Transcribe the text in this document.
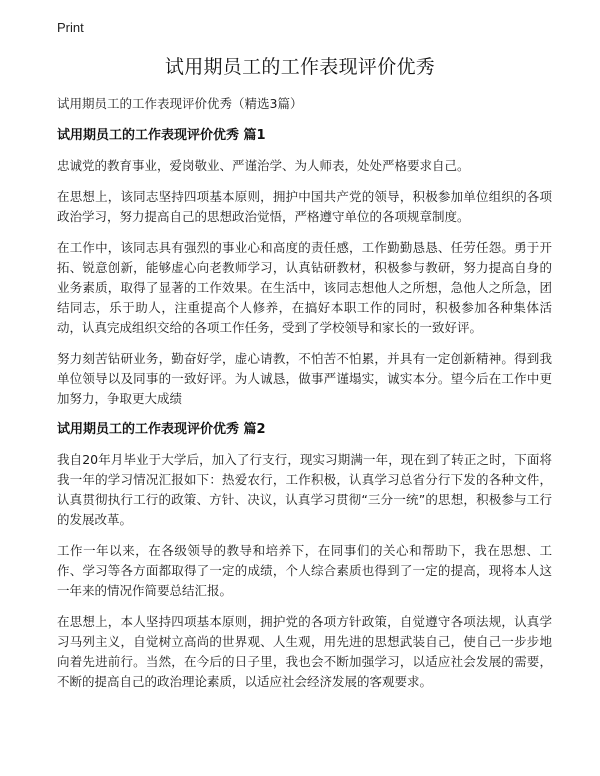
Print
试用期员工的工作表现评价优秀

试用期员工的工作表现评价优秀（精选3篇）

试用期员工的工作表现评价优秀 篇1

忠诚党的教育事业，爱岗敬业、严谨治学、为人师表，处处严格要求自己。

在思想上，该同志坚持四项基本原则，拥护中国共产党的领导，积极参加单位组织的各项政治学习，努力提高自己的思想政治觉悟，严格遵守单位的各项规章制度。

在工作中，该同志具有强烈的事业心和高度的责任感，工作勤勤恳恳、任劳任怨。勇于开拓、锐意创新，能够虚心向老教师学习，认真钻研教材，积极参与教研，努力提高自身的业务素质，取得了显著的工作效果。在生活中，该同志想他人之所想，急他人之所急，团结同志，乐于助人，注重提高个人修养，在搞好本职工作的同时，积极参加各种集体活动，认真完成组织交给的各项工作任务，受到了学校领导和家长的一致好评。

努力刻苦钻研业务，勤奋好学，虚心请教，不怕苦不怕累，并具有一定创新精神。得到我单位领导以及同事的一致好评。为人诚恳，做事严谨塌实，诚实本分。望今后在工作中更加努力，争取更大成绩

试用期员工的工作表现评价优秀 篇2

我自20年月毕业于大学后，加入了行支行，现实习期满一年，现在到了转正之时，下面将我一年的学习情况汇报如下：热爱农行，工作积极，认真学习总省分行下发的各种文件，认真贯彻执行工行的政策、方针、决议，认真学习贯彻“三分一统”的思想，积极参与工行的发展改革。

工作一年以来，在各级领导的教导和培养下，在同事们的关心和帮助下，我在思想、工作、学习等各方面都取得了一定的成绩，个人综合素质也得到了一定的提高，现将本人这一年来的情况作简要总结汇报。

在思想上，本人坚持四项基本原则，拥护党的各项方针政策，自觉遵守各项法规，认真学习马列主义，自觉树立高尚的世界观、人生观，用先进的思想武装自己，使自己一步步地向着先进前行。当然，在今后的日子里，我也会不断加强学习，以适应社会发展的需要，不断的提高自己的政治理论素质，以适应社会经济发展的客观要求。
